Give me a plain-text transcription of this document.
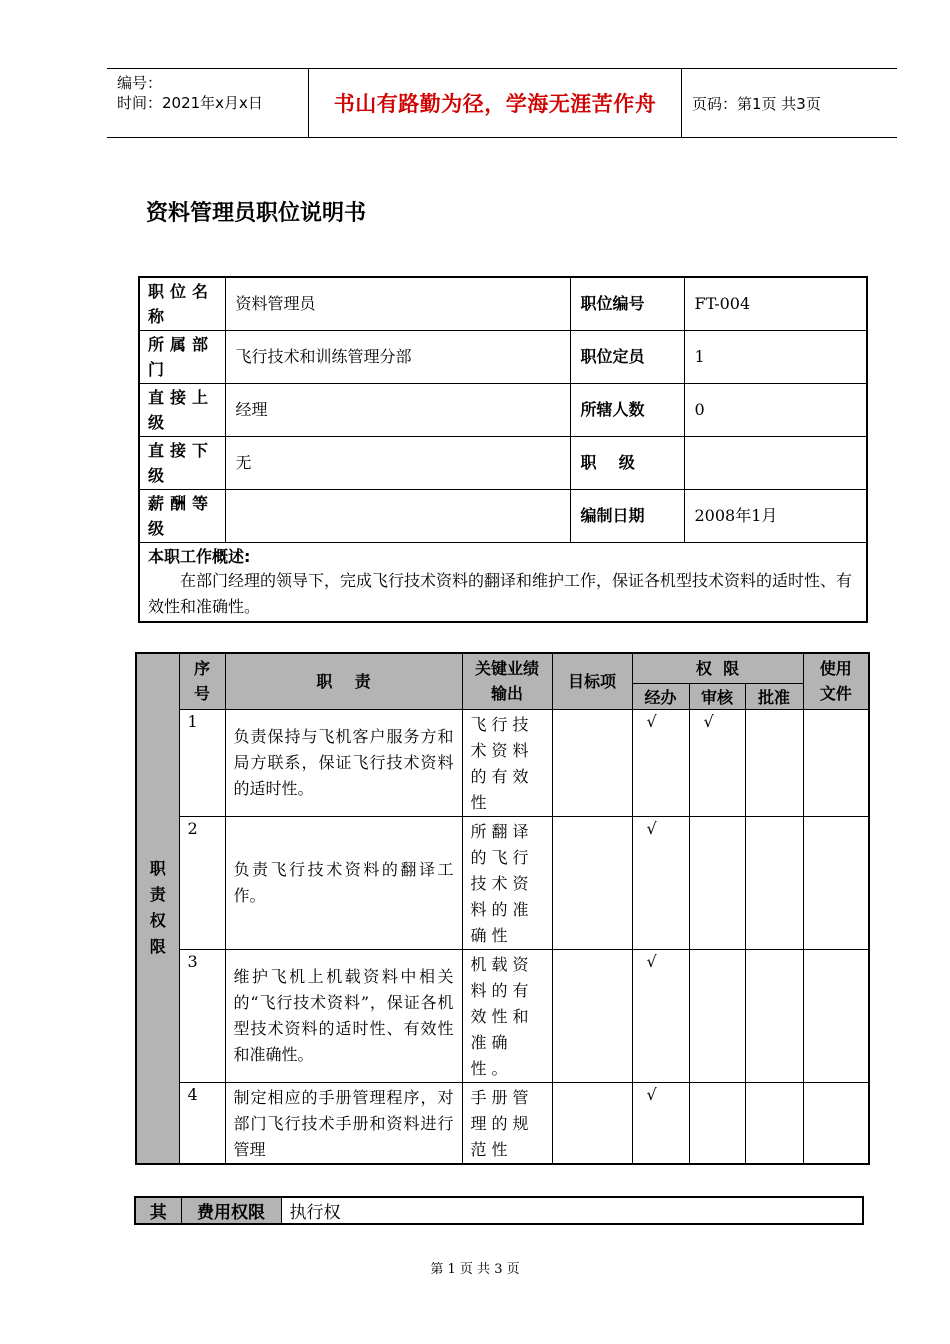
编号：
时间：2021年x月x日	书山有路勤为径，学海无涯苦作舟	页码：第1页 共3页
资料管理员职位说明书
职位名称	资料管理员	职位编号	FT-004
所属部门	飞行技术和训练管理分部	职位定员	1
直接上级	经理	所辖人数	0
直接下级	无	职    级	
薪酬等级		编制日期	2008年1月

本职工作概述:
在部门经理的领导下，完成飞行技术资料的翻译和维护工作，保证各机型技术资料的适时性、有效性和准确性。			
职责权限	序号	职    责	关键业绩输出	目标项	权  限			使用文件

					经办	审核	批准	
	1	负责保持与飞机客户服务方和局方联系，保证飞行技术资料的适时性。	飞行技术资料的有效性		√	√		
	2	负责飞行技术资料的翻译工作。	所翻译的飞行技术资料的准确性		√			
	3	维护飞机上机载资料中相关的“飞行技术资料”，保证各机型技术资料的适时性、有效性和准确性。	机载资料的有效性和准确性。		√			
	4	制定相应的手册管理程序，对部门飞行技术手册和资料进行管理	手册管理的规范性		√			
其	费用权限	执行权
第 1 页 共 3 页
